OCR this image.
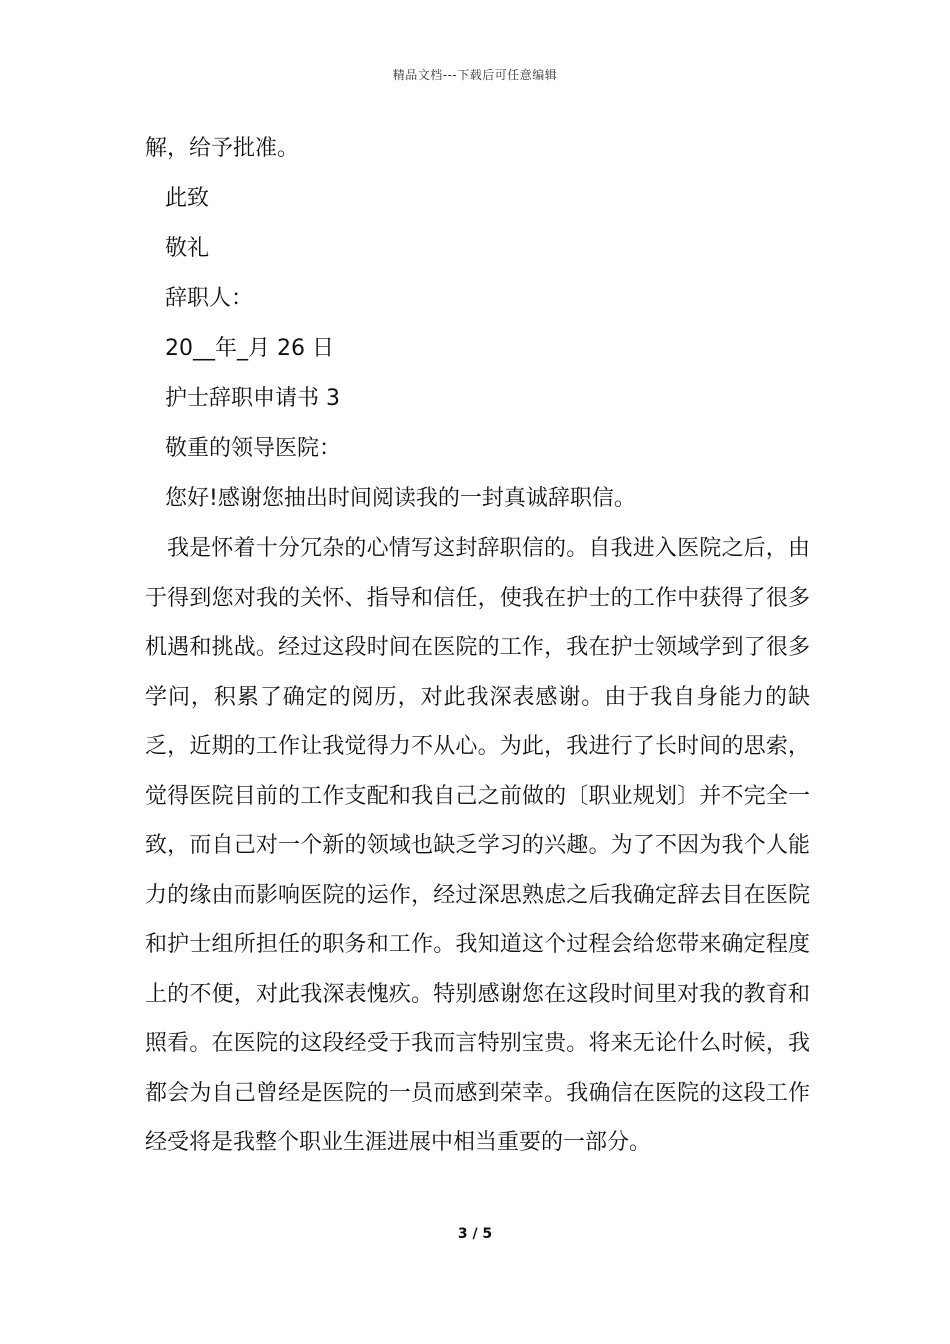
精品文档---下载后可任意编辑
解，给予批准。
此致
敬礼
辞职人：
20__年_月 26 日
护士辞职申请书 3
敬重的领导医院：
您好!感谢您抽出时间阅读我的一封真诚辞职信。

我是怀着十分冗杂的心情写这封辞职信的。自我进入医院之后，由于得到您对我的关怀、指导和信任，使我在护士的工作中获得了很多机遇和挑战。经过这段时间在医院的工作，我在护士领域学到了很多学问，积累了确定的阅历，对此我深表感谢。由于我自身能力的缺乏，近期的工作让我觉得力不从心。为此，我进行了长时间的思索，觉得医院目前的工作支配和我自己之前做的〔职业规划〕并不完全一致，而自己对一个新的领域也缺乏学习的兴趣。为了不因为我个人能力的缘由而影响医院的运作，经过深思熟虑之后我确定辞去目在医院和护士组所担任的职务和工作。我知道这个过程会给您带来确定程度上的不便，对此我深表愧疚。特别感谢您在这段时间里对我的教育和照看。在医院的这段经受于我而言特别宝贵。将来无论什么时候，我都会为自己曾经是医院的一员而感到荣幸。我确信在医院的这段工作经受将是我整个职业生涯进展中相当重要的一部分。

3 / 5
